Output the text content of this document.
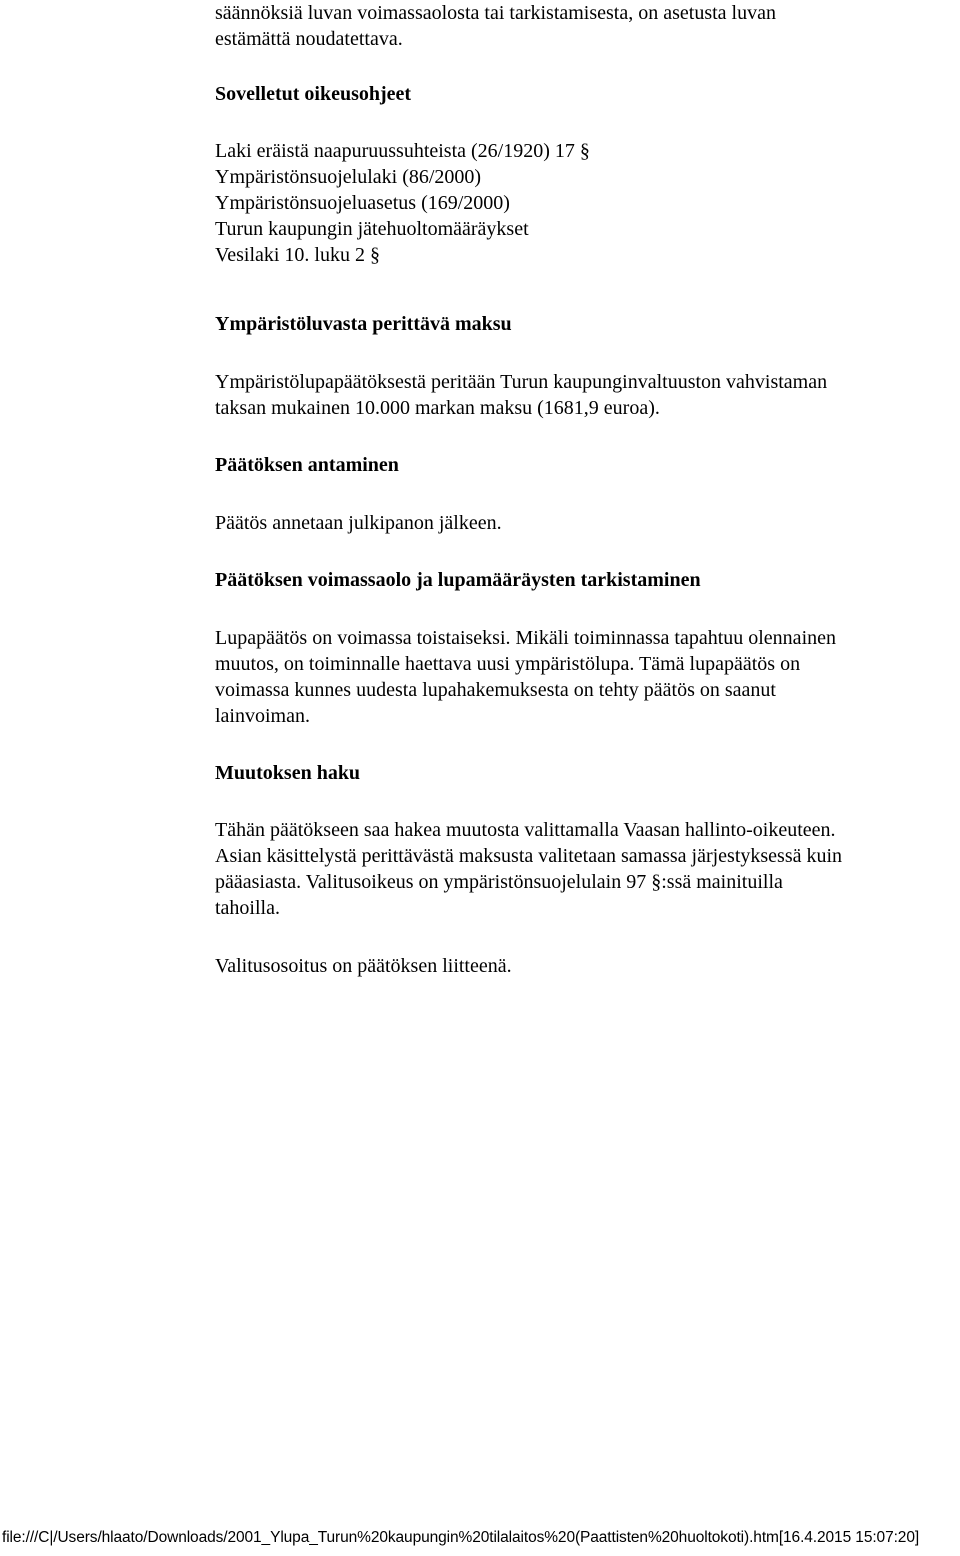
säännöksiä luvan voimassaolosta tai tarkistamisesta, on asetusta luvan
estämättä noudatettava.

Sovelletut oikeusohjeet

Laki eräistä naapuruussuhteista (26/1920) 17 §
Ympäristönsuojelulaki (86/2000)
Ympäristönsuojeluasetus (169/2000)
Turun kaupungin jätehuoltomääräykset
Vesilaki 10. luku 2 §

Ympäristöluvasta perittävä maksu

Ympäristölupapäätöksestä peritään Turun kaupunginvaltuuston vahvistaman
taksan mukainen 10.000 markan maksu (1681,9 euroa).

Päätöksen antaminen

Päätös annetaan julkipanon jälkeen.

Päätöksen voimassaolo ja lupamääräysten tarkistaminen

Lupapäätös on voimassa toistaiseksi. Mikäli toiminnassa tapahtuu olennainen
muutos, on toiminnalle haettava uusi ympäristölupa. Tämä lupapäätös on
voimassa kunnes uudesta lupahakemuksesta on tehty päätös on saanut
lainvoiman.

Muutoksen haku

Tähän päätökseen saa hakea muutosta valittamalla Vaasan hallinto-oikeuteen.
Asian käsittelystä perittävästä maksusta valitetaan samassa järjestyksessä kuin
pääasiasta. Valitusoikeus on ympäristönsuojelulain 97 §:ssä mainituilla
tahoilla.

Valitusosoitus on päätöksen liitteenä.

file:///C|/Users/hlaato/Downloads/2001_Ylupa_Turun%20kaupungin%20tilalaitos%20(Paattisten%20huoltokoti).htm[16.4.2015 15:07:20]
